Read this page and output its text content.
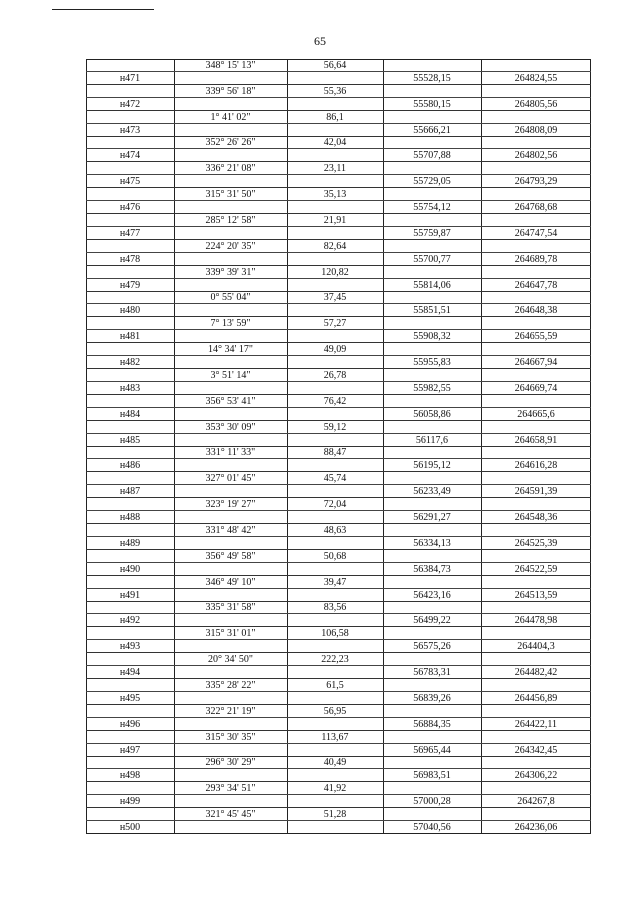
65
348° 15' 13"	56,64
н471	55528,15	264824,55
339° 56' 18"	55,36
н472	55580,15	264805,56
1° 41' 02"	86,1
н473	55666,21	264808,09
352° 26' 26"	42,04
н474	55707,88	264802,56
336° 21' 08"	23,11
н475	55729,05	264793,29
315° 31' 50"	35,13
н476	55754,12	264768,68
285° 12' 58"	21,91
н477	55759,87	264747,54
224° 20' 35"	82,64
н478	55700,77	264689,78
339° 39' 31"	120,82
н479	55814,06	264647,78
0° 55' 04"	37,45
н480	55851,51	264648,38
7° 13' 59"	57,27
н481	55908,32	264655,59
14° 34' 17"	49,09
н482	55955,83	264667,94
3° 51' 14"	26,78
н483	55982,55	264669,74
356° 53' 41"	76,42
н484	56058,86	264665,6
353° 30' 09"	59,12
н485	56117,6	264658,91
331° 11' 33"	88,47
н486	56195,12	264616,28
327° 01' 45"	45,74
н487	56233,49	264591,39
323° 19' 27"	72,04
н488	56291,27	264548,36
331° 48' 42"	48,63
н489	56334,13	264525,39
356° 49' 58"	50,68
н490	56384,73	264522,59
346° 49' 10"	39,47
н491	56423,16	264513,59
335° 31' 58"	83,56
н492	56499,22	264478,98
315° 31' 01"	106,58
н493	56575,26	264404,3
20° 34' 50"	222,23
н494	56783,31	264482,42
335° 28' 22"	61,5
н495	56839,26	264456,89
322° 21' 19"	56,95
н496	56884,35	264422,11
315° 30' 35"	113,67
н497	56965,44	264342,45
296° 30' 29"	40,49
н498	56983,51	264306,22
293° 34' 51"	41,92
н499	57000,28	264267,8
321° 45' 45"	51,28
н500	57040,56	264236,06
